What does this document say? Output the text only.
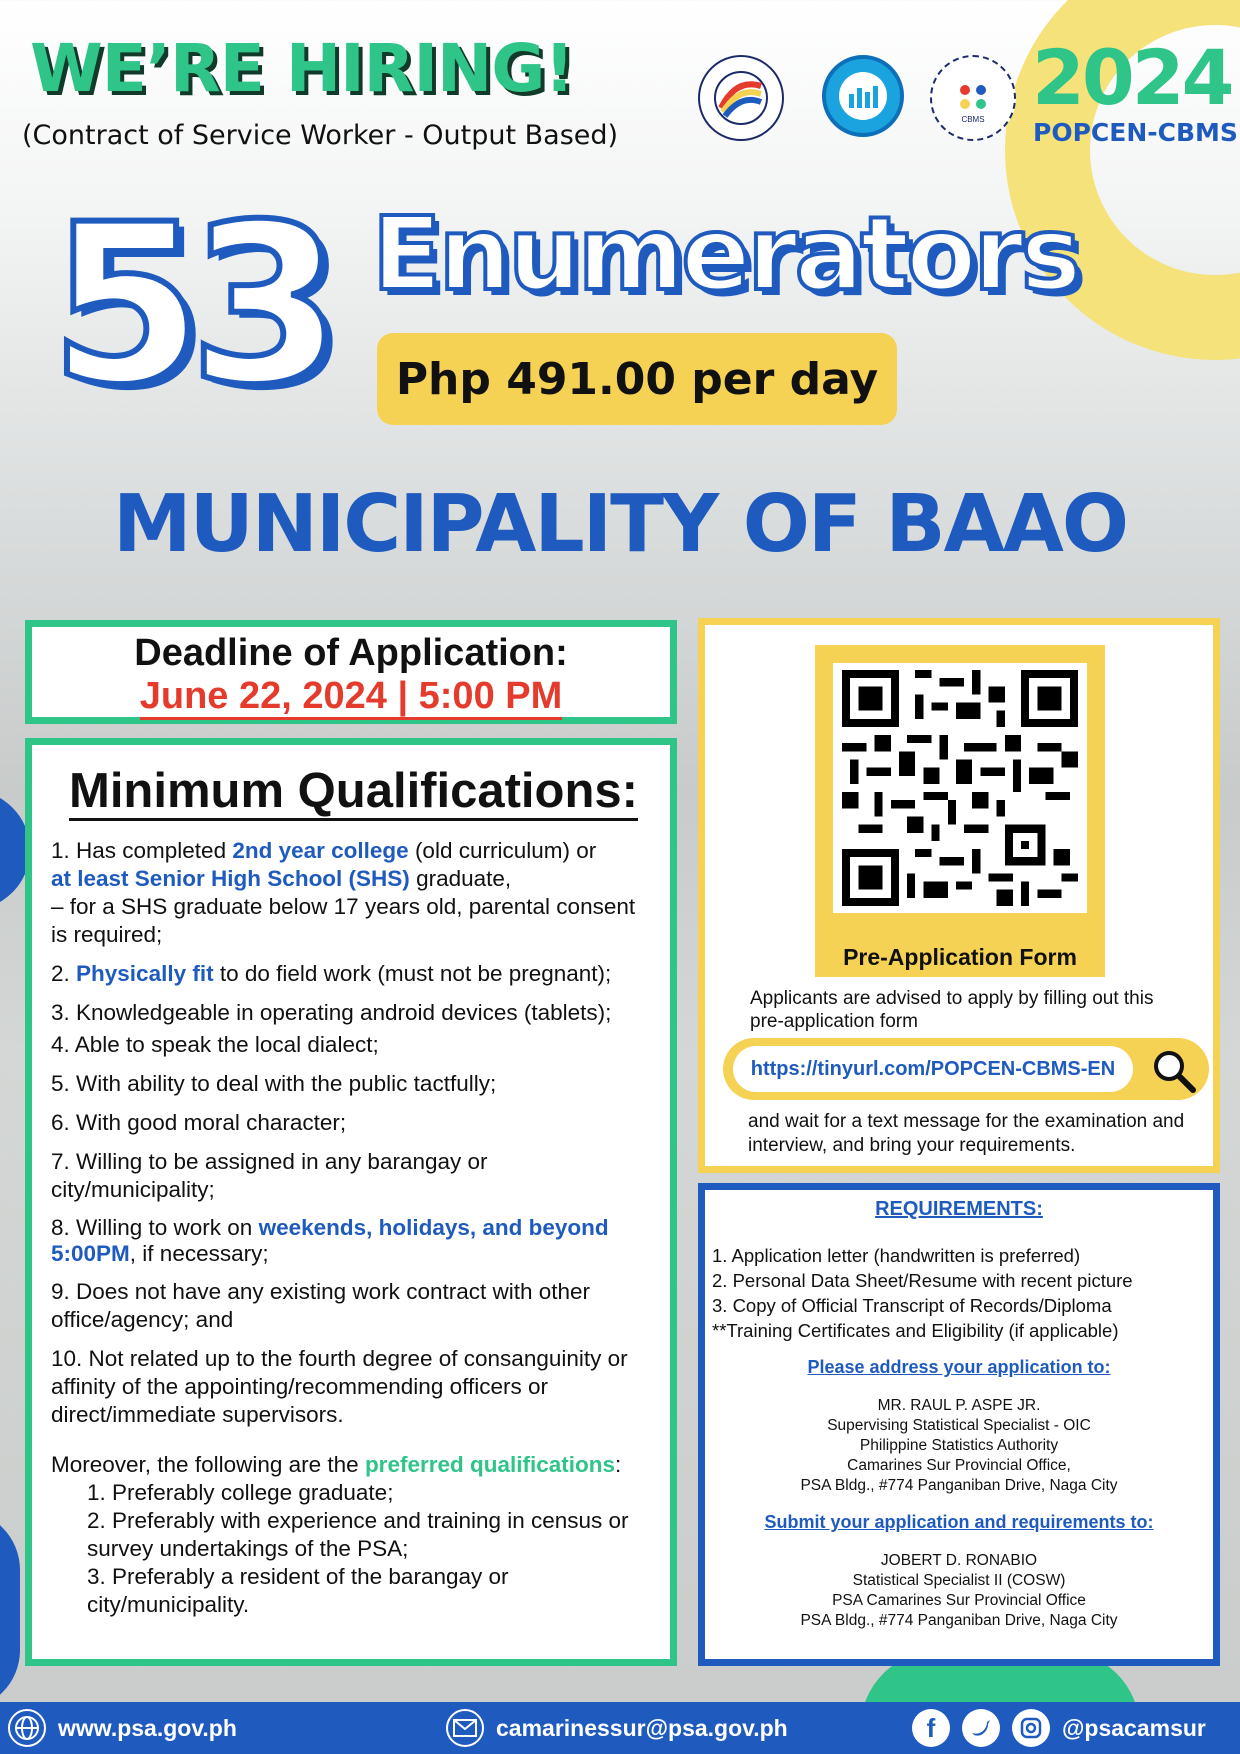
WE’RE HIRING!
(Contract of Service Worker - Output Based)
CBMS 2024
POPCEN-CBMS
53 Enumerators
Php 491.00 per day
MUNICIPALITY OF BAAO
Deadline of Application:
June 22, 2024 | 5:00 PM
Minimum Qualifications:
1. Has completed 2nd year college (old curriculum) or
at least Senior High School (SHS) graduate,
– for a SHS graduate below 17 years old, parental consent is required;
2. Physically fit to do field work (must not be pregnant);
3. Knowledgeable in operating android devices (tablets);
4. Able to speak the local dialect;
5. With ability to deal with the public tactfully;
6. With good moral character;
7. Willing to be assigned in any barangay or city/municipality;
8. Willing to work on weekends, holidays, and beyond 5:00PM, if necessary;
9. Does not have any existing work contract with other office/agency; and
10. Not related up to the fourth degree of consanguinity or affinity of the appointing/recommending officers or direct/immediate supervisors.
Moreover, the following are the preferred qualifications:
1. Preferably college graduate;
2. Preferably with experience and training in census or survey undertakings of the PSA;
3. Preferably a resident of the barangay or city/municipality.
Pre-Application Form
Applicants are advised to apply by filling out this pre-application form
https://tinyurl.com/POPCEN-CBMS-EN
and wait for a text message for the examination and interview, and bring your requirements.
REQUIREMENTS:
1. Application letter (handwritten is preferred)
2. Personal Data Sheet/Resume with recent picture
3. Copy of Official Transcript of Records/Diploma
**Training Certificates and Eligibility (if applicable)
Please address your application to:
MR. RAUL P. ASPE JR.
Supervising Statistical Specialist - OIC
Philippine Statistics Authority
Camarines Sur Provincial Office,
PSA Bldg., #774 Panganiban Drive, Naga City
Submit your application and requirements to:
JOBERT D. RONABIO
Statistical Specialist II (COSW)
PSA Camarines Sur Provincial Office
PSA Bldg., #774 Panganiban Drive, Naga City
www.psa.gov.ph	camarinessur@psa.gov.ph	f	@psacamsur
